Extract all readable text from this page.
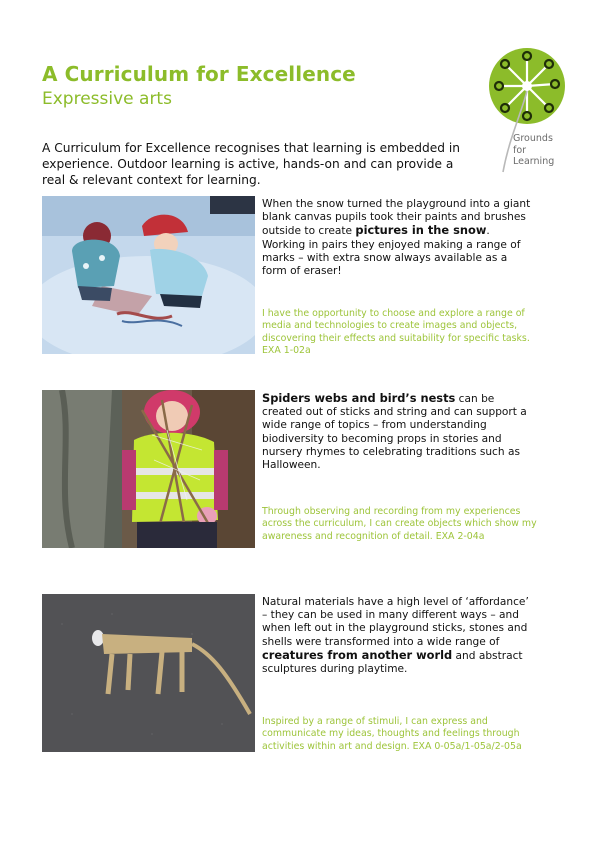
A Curriculum for Excellence
Expressive arts
Grounds
for
Learning
A Curriculum for Excellence recognises that learning is embedded in experience. Outdoor learning is active, hands-on and can provide a real & relevant context for learning.
When the snow turned the playground into a giant blank canvas pupils took their paints and brushes outside to create pictures in the snow. Working in pairs they enjoyed making a range of marks – with extra snow always available as a form of eraser!
I have the opportunity to choose and explore a range of media and technologies to create images and objects, discovering their effects and suitability for specific tasks. EXA 1-02a
Spiders webs and bird’s nests can be created out of sticks and string and can support a wide range of topics – from understanding biodiversity to becoming props in stories and nursery rhymes to celebrating traditions such as Halloween.
Through observing and recording from my experiences across the curriculum, I can create objects which show my awareness and recognition of detail. EXA 2-04a
Natural materials have a high level of ‘affordance’ – they can be used in many different ways – and when left out in the playground sticks, stones and shells were transformed into a wide range of creatures from another world and abstract sculptures during playtime.
Inspired by a range of stimuli, I can express and communicate my ideas, thoughts and feelings through activities within art and design. EXA 0-05a/1-05a/2-05a
